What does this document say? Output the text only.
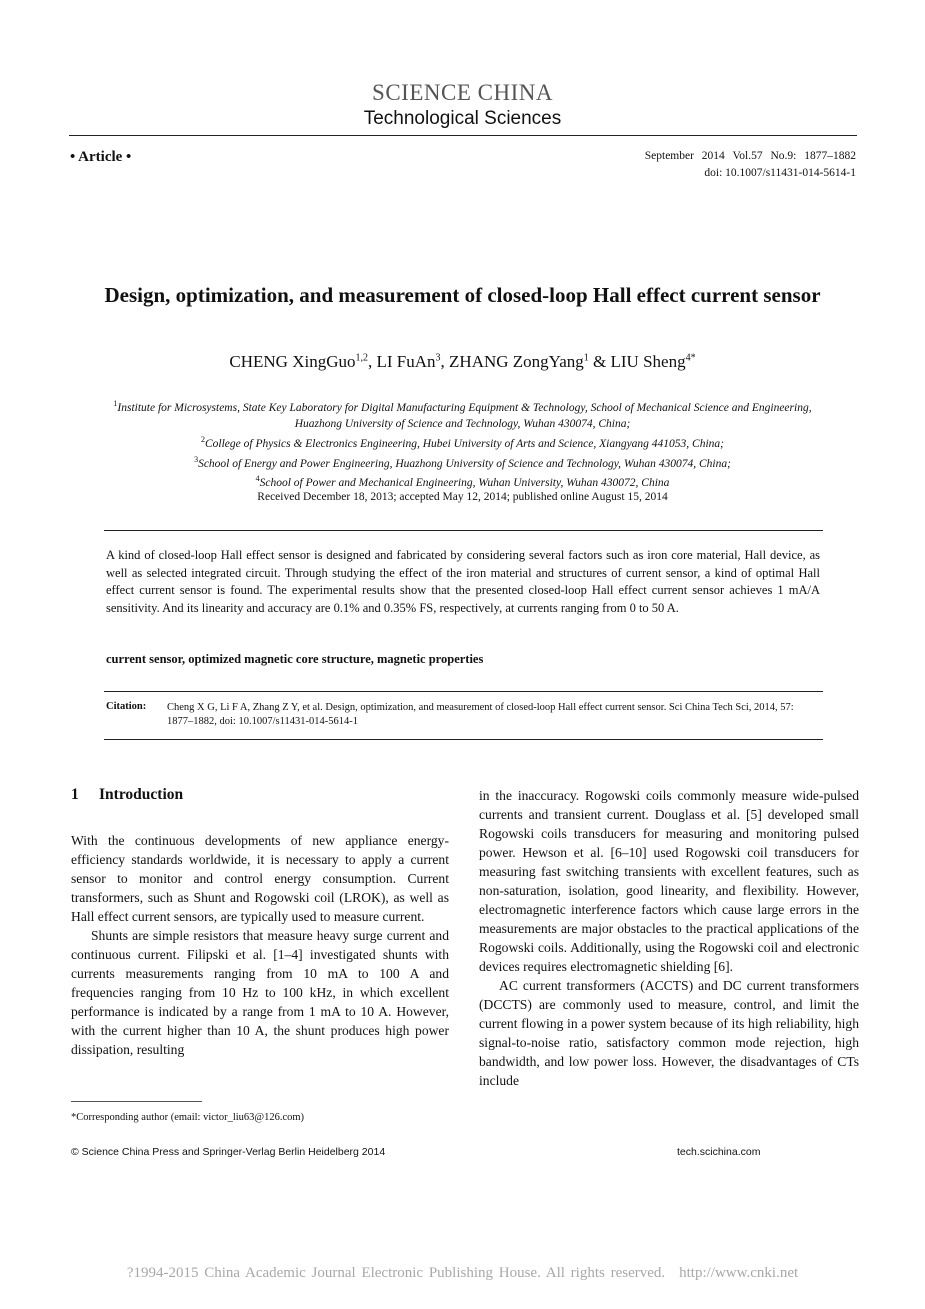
SCIENCE CHINA
Technological Sciences
• Article •	September 2014 Vol.57 No.9: 1877–1882
doi: 10.1007/s11431-014-5614-1
Design, optimization, and measurement of closed-loop Hall effect current sensor
CHENG XingGuo$^{1,2}$, LI FuAn$^3$, ZHANG ZongYang$^1$ & LIU Sheng$^{4*}$
$^1$Institute for Microsystems, State Key Laboratory for Digital Manufacturing Equipment & Technology, School of Mechanical Science and Engineering, Huazhong University of Science and Technology, Wuhan 430074, China;
$^2$College of Physics & Electronics Engineering, Hubei University of Arts and Science, Xiangyang 441053, China;
$^3$School of Energy and Power Engineering, Huazhong University of Science and Technology, Wuhan 430074, China;
$^4$School of Power and Mechanical Engineering, Wuhan University, Wuhan 430072, China
Received December 18, 2013; accepted May 12, 2014; published online August 15, 2014
A kind of closed-loop Hall effect sensor is designed and fabricated by considering several factors such as iron core material, Hall device, as well as selected integrated circuit. Through studying the effect of the iron material and structures of current sensor, a kind of optimal Hall effect current sensor is found. The experimental results show that the presented closed-loop Hall effect current sensor achieves 1 mA/A sensitivity. And its linearity and accuracy are 0.1% and 0.35% FS, respectively, at currents ranging from 0 to 50 A.
current sensor, optimized magnetic core structure, magnetic properties
Citation: Cheng X G, Li F A, Zhang Z Y, et al. Design, optimization, and measurement of closed-loop Hall effect current sensor. Sci China Tech Sci, 2014, 57: 1877–1882, doi: 10.1007/s11431-014-5614-1
1 Introduction

With the continuous developments of new appliance energy-efficiency standards worldwide, it is necessary to apply a current sensor to monitor and control energy consumption. Current transformers, such as Shunt and Rogowski coil (LROK), as well as Hall effect current sensors, are typically used to measure current.

Shunts are simple resistors that measure heavy surge current and continuous current. Filipski et al. [1–4] investigated shunts with currents measurements ranging from 10 mA to 100 A and frequencies ranging from 10 Hz to 100 kHz, in which excellent performance is indicated by a range from 1 mA to 10 A. However, with the current higher than 10 A, the shunt produces high power dissipation, resulting

in the inaccuracy. Rogowski coils commonly measure wide-pulsed currents and transient current. Douglass et al. [5] developed small Rogowski coils transducers for measuring and monitoring pulsed power. Hewson et al. [6–10] used Rogowski coil transducers for measuring fast switching transients with excellent features, such as non-saturation, isolation, good linearity, and flexibility. However, electromagnetic interference factors which cause large errors in the measurements are major obstacles to the practical applications of the Rogowski coils. Additionally, using the Rogowski coil and electronic devices requires electromagnetic shielding [6].

AC current transformers (ACCTS) and DC current transformers (DCCTS) are commonly used to measure, control, and limit the current flowing in a power system because of its high reliability, high signal-to-noise ratio, satisfactory common mode rejection, high bandwidth, and low power loss. However, the disadvantages of CTs include

*Corresponding author (email: victor_liu63@126.com)
© Science China Press and Springer-Verlag Berlin Heidelberg 2014	tech.scichina.com
?1994-2015 China Academic Journal Electronic Publishing House. All rights reserved. http://www.cnki.net
